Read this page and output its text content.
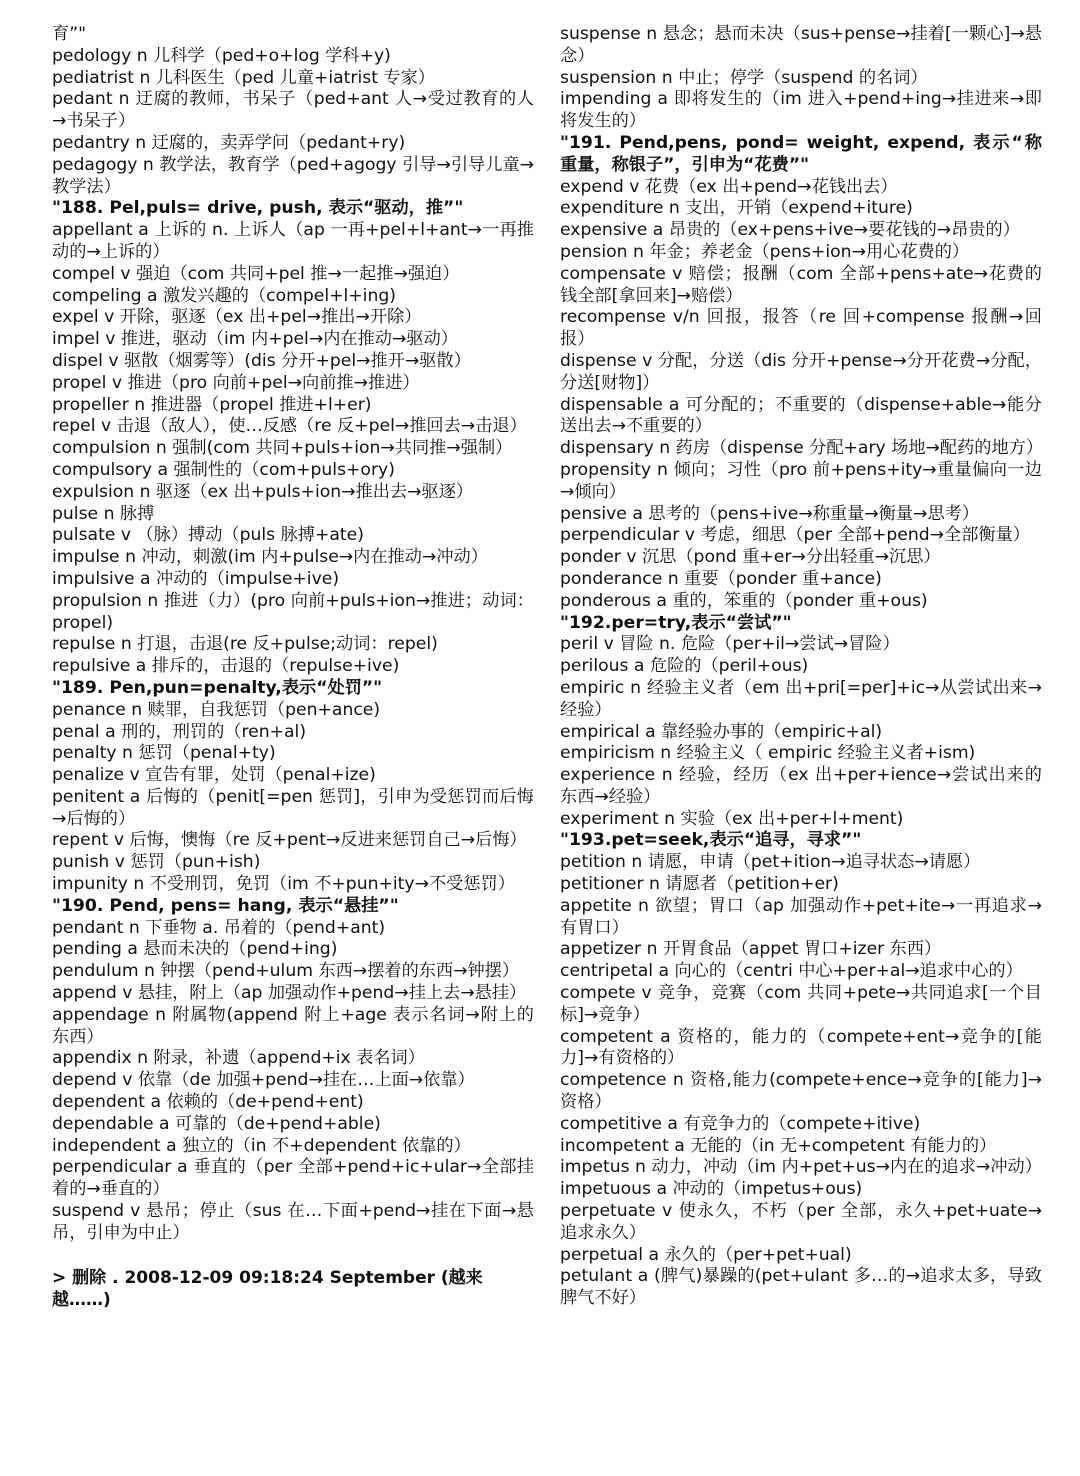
育”"
pedology n 儿科学（ped+o+log 学科+y)
pediatrist n 儿科医生（ped 儿童+iatrist 专家）
pedant n 迂腐的教师，书呆子（ped+ant 人→受过教育的人→书呆子）
pedantry n 迂腐的，卖弄学问（pedant+ry)
pedagogy n 教学法，教育学（ped+agogy 引导→引导儿童→教学法）
"188. Pel,puls= drive, push, 表示“驱动，推”"
appellant a 上诉的 n. 上诉人（ap 一再+pel+l+ant→一再推动的→上诉的）
compel v 强迫（com 共同+pel 推→一起推→强迫）
compeling a 激发兴趣的（compel+l+ing)
expel v 开除，驱逐（ex 出+pel→推出→开除）
impel v 推进，驱动（im 内+pel→内在推动→驱动）
dispel v 驱散（烟雾等）(dis 分开+pel→推开→驱散）
propel v 推进（pro 向前+pel→向前推→推进）
propeller n 推进器（propel 推进+l+er)
repel v 击退（敌人），使…反感（re 反+pel→推回去→击退）
compulsion n 强制(com 共同+puls+ion→共同推→强制）
compulsory a 强制性的（com+puls+ory)
expulsion n 驱逐（ex 出+puls+ion→推出去→驱逐）
pulse n 脉搏
pulsate v （脉）搏动（puls 脉搏+ate)
impulse n 冲动，刺激(im 内+pulse→内在推动→冲动）
impulsive a 冲动的（impulse+ive)
propulsion n 推进（力）(pro 向前+puls+ion→推进；动词：propel)
repulse n 打退，击退(re 反+pulse;动词：repel)
repulsive a 排斥的，击退的（repulse+ive)
"189. Pen,pun=penalty,表示“处罚”"
penance n 赎罪，自我惩罚（pen+ance)
penal a 刑的，刑罚的（ren+al)
penalty n 惩罚（penal+ty)
penalize v 宣告有罪，处罚（penal+ize)
penitent a 后悔的（penit[=pen 惩罚]，引申为受惩罚而后悔→后悔的）
repent v 后悔，懊悔（re 反+pent→反进来惩罚自己→后悔）
punish v 惩罚（pun+ish)
impunity n 不受刑罚，免罚（im 不+pun+ity→不受惩罚）
"190. Pend, pens= hang, 表示“悬挂”"
pendant n 下垂物 a. 吊着的（pend+ant)
pending a 悬而未决的（pend+ing)
pendulum n 钟摆（pend+ulum 东西→摆着的东西→钟摆）
append v 悬挂，附上（ap 加强动作+pend→挂上去→悬挂）
appendage n 附属物(append 附上+age 表示名词→附上的东西）
appendix n 附录，补遗（append+ix 表名词）
depend v 依靠（de 加强+pend→挂在…上面→依靠）
dependent a 依赖的（de+pend+ent)
dependable a 可靠的（de+pend+able)
independent a 独立的（in 不+dependent 依靠的）
perpendicular a 垂直的（per 全部+pend+ic+ular→全部挂着的→垂直的）
suspend v 悬吊；停止（sus 在…下面+pend→挂在下面→悬吊，引申为中止）
> 删除 . 2008-12-09 09:18:24 September (越来越……)
suspense n 悬念；悬而未决（sus+pense→挂着[一颗心]→悬念）
suspension n 中止；停学（suspend 的名词）
impending a 即将发生的（im 进入+pend+ing→挂进来→即将发生的）
"191. Pend,pens, pond= weight, expend, 表示“称重量，称银子”，引申为“花费”"
expend v 花费（ex 出+pend→花钱出去）
expenditure n 支出，开销（expend+iture)
expensive a 昂贵的（ex+pens+ive→要花钱的→昂贵的）
pension n 年金；养老金（pens+ion→用心花费的）
compensate v 赔偿；报酬（com 全部+pens+ate→花费的钱全部[拿回来]→赔偿）
recompense v/n 回报，报答（re 回+compense 报酬→回报）
dispense v 分配，分送（dis 分开+pense→分开花费→分配，分送[财物]）
dispensable a 可分配的；不重要的（dispense+able→能分送出去→不重要的）
dispensary n 药房（dispense 分配+ary 场地→配药的地方）
propensity n 倾向；习性（pro 前+pens+ity→重量偏向一边→倾向）
pensive a 思考的（pens+ive→称重量→衡量→思考）
perpendicular v 考虑，细思（per 全部+pend→全部衡量）
ponder v 沉思（pond 重+er→分出轻重→沉思）
ponderance n 重要（ponder 重+ance)
ponderous a 重的，笨重的（ponder 重+ous)
"192.per=try,表示“尝试”"
peril v 冒险 n. 危险（per+il→尝试→冒险）
perilous a 危险的（peril+ous)
empiric n 经验主义者（em 出+pri[=per]+ic→从尝试出来→经验）
empirical a 靠经验办事的（empiric+al)
empiricism n 经验主义（ empiric 经验主义者+ism)
experience n 经验，经历（ex 出+per+ience→尝试出来的东西→经验）
experiment n 实验（ex 出+per+l+ment)
"193.pet=seek,表示“追寻，寻求”"
petition n 请愿，申请（pet+ition→追寻状态→请愿）
petitioner n 请愿者（petition+er)
appetite n 欲望；胃口（ap 加强动作+pet+ite→一再追求→有胃口）
appetizer n 开胃食品（appet 胃口+izer 东西）
centripetal a 向心的（centri 中心+per+al→追求中心的）
compete v 竞争，竞赛（com 共同+pete→共同追求[一个目标]→竞争）
competent a 资格的，能力的（compete+ent→竞争的[能力]→有资格的）
competence n 资格,能力(compete+ence→竞争的[能力]→资格）
competitive a 有竞争力的（compete+itive)
incompetent a 无能的（in 无+competent 有能力的）
impetus n 动力，冲动（im 内+pet+us→内在的追求→冲动）
impetuous a 冲动的（impetus+ous)
perpetuate v 使永久，不朽（per 全部，永久+pet+uate→追求永久）
perpetual a 永久的（per+pet+ual)
petulant a (脾气)暴躁的(pet+ulant 多…的→追求太多，导致脾气不好）
